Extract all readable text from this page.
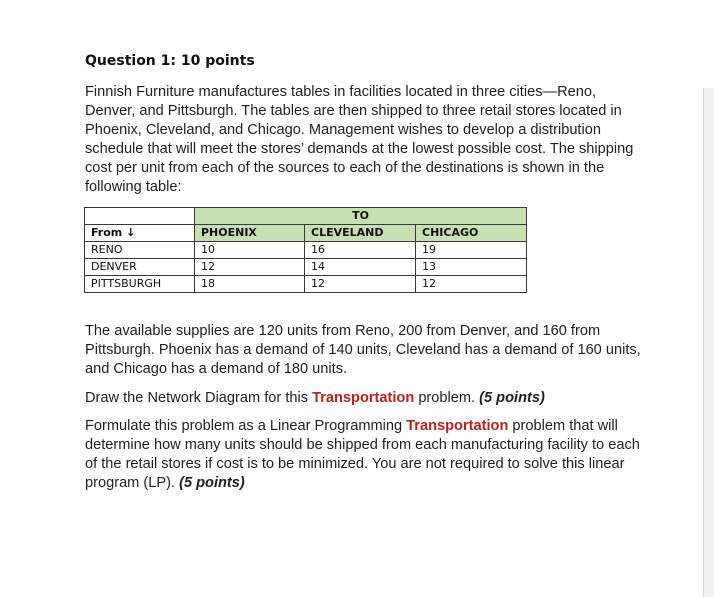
Question 1: 10 points

Finnish Furniture manufactures tables in facilities located in three cities—Reno, Denver, and Pittsburgh. The tables are then shipped to three retail stores located in Phoenix, Cleveland, and Chicago. Management wishes to develop a distribution schedule that will meet the stores’ demands at the lowest possible cost. The shipping cost per unit from each of the sources to each of the destinations is shown in the following table:

	TO		
From ↓	PHOENIX	CLEVELAND	CHICAGO
RENO	10	16	19
DENVER	12	14	13
PITTSBURGH	18	12	12

The available supplies are 120 units from Reno, 200 from Denver, and 160 from Pittsburgh. Phoenix has a demand of 140 units, Cleveland has a demand of 160 units, and Chicago has a demand of 180 units.

Draw the Network Diagram for this Transportation problem. (5 points)

Formulate this problem as a Linear Programming Transportation problem that will determine how many units should be shipped from each manufacturing facility to each of the retail stores if cost is to be minimized. You are not required to solve this linear program (LP). (5 points)
